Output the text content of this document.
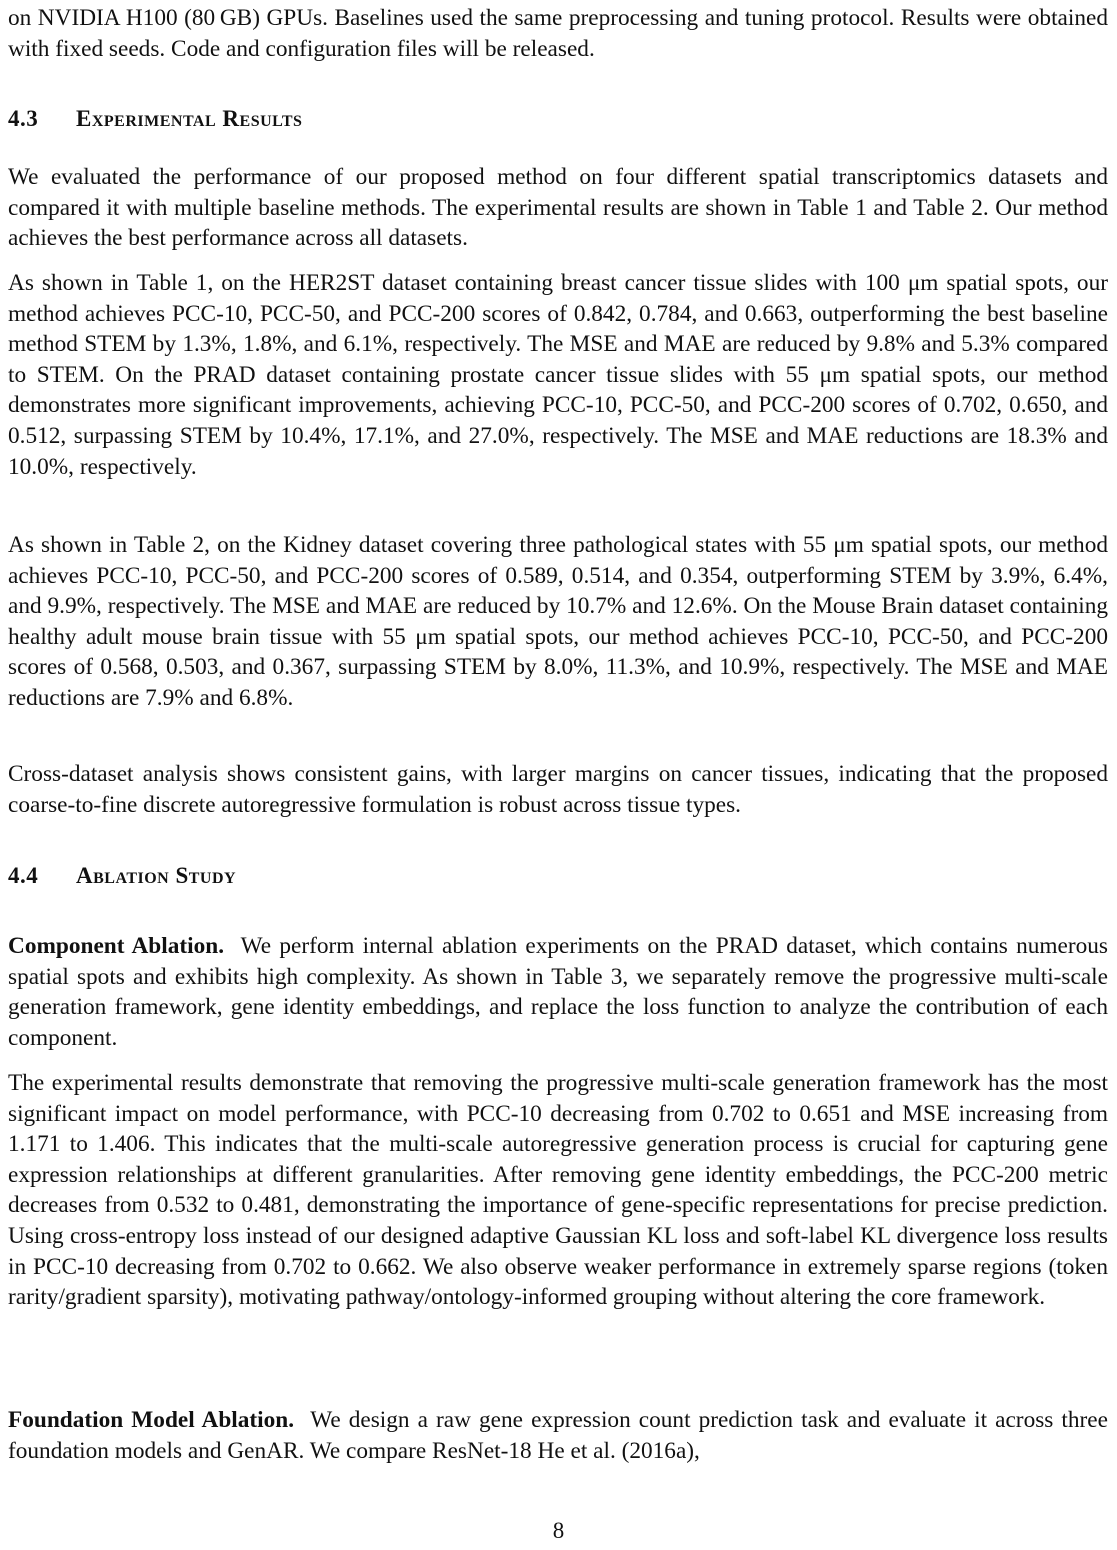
on NVIDIA H100 (80 GB) GPUs. Baselines used the same preprocessing and tuning protocol. Results were obtained with fixed seeds. Code and configuration files will be released.

4.3 Experimental Results

We evaluated the performance of our proposed method on four different spatial transcriptomics datasets and compared it with multiple baseline methods. The experimental results are shown in Table 1 and Table 2. Our method achieves the best performance across all datasets.

As shown in Table 1, on the HER2ST dataset containing breast cancer tissue slides with 100 μm spatial spots, our method achieves PCC-10, PCC-50, and PCC-200 scores of 0.842, 0.784, and 0.663, outperforming the best baseline method STEM by 1.3%, 1.8%, and 6.1%, respectively. The MSE and MAE are reduced by 9.8% and 5.3% compared to STEM. On the PRAD dataset containing prostate cancer tissue slides with 55 μm spatial spots, our method demonstrates more significant improvements, achieving PCC-10, PCC-50, and PCC-200 scores of 0.702, 0.650, and 0.512, surpassing STEM by 10.4%, 17.1%, and 27.0%, respectively. The MSE and MAE reductions are 18.3% and 10.0%, respectively.

As shown in Table 2, on the Kidney dataset covering three pathological states with 55 μm spatial spots, our method achieves PCC-10, PCC-50, and PCC-200 scores of 0.589, 0.514, and 0.354, outperforming STEM by 3.9%, 6.4%, and 9.9%, respectively. The MSE and MAE are reduced by 10.7% and 12.6%. On the Mouse Brain dataset containing healthy adult mouse brain tissue with 55 μm spatial spots, our method achieves PCC-10, PCC-50, and PCC-200 scores of 0.568, 0.503, and 0.367, surpassing STEM by 8.0%, 11.3%, and 10.9%, respectively. The MSE and MAE reductions are 7.9% and 6.8%.

Cross-dataset analysis shows consistent gains, with larger margins on cancer tissues, indicating that the proposed coarse-to-fine discrete autoregressive formulation is robust across tissue types.

4.4 Ablation Study

Component Ablation. We perform internal ablation experiments on the PRAD dataset, which contains numerous spatial spots and exhibits high complexity. As shown in Table 3, we separately remove the progressive multi-scale generation framework, gene identity embeddings, and replace the loss function to analyze the contribution of each component.

The experimental results demonstrate that removing the progressive multi-scale generation framework has the most significant impact on model performance, with PCC-10 decreasing from 0.702 to 0.651 and MSE increasing from 1.171 to 1.406. This indicates that the multi-scale autoregressive generation process is crucial for capturing gene expression relationships at different granularities. After removing gene identity embeddings, the PCC-200 metric decreases from 0.532 to 0.481, demonstrating the importance of gene-specific representations for precise prediction. Using cross-entropy loss instead of our designed adaptive Gaussian KL loss and soft-label KL divergence loss results in PCC-10 decreasing from 0.702 to 0.662. We also observe weaker performance in extremely sparse regions (token rarity/gradient sparsity), motivating pathway/ontology-informed grouping without altering the core framework.

Foundation Model Ablation. We design a raw gene expression count prediction task and evaluate it across three foundation models and GenAR. We compare ResNet-18 He et al. (2016a),

8
